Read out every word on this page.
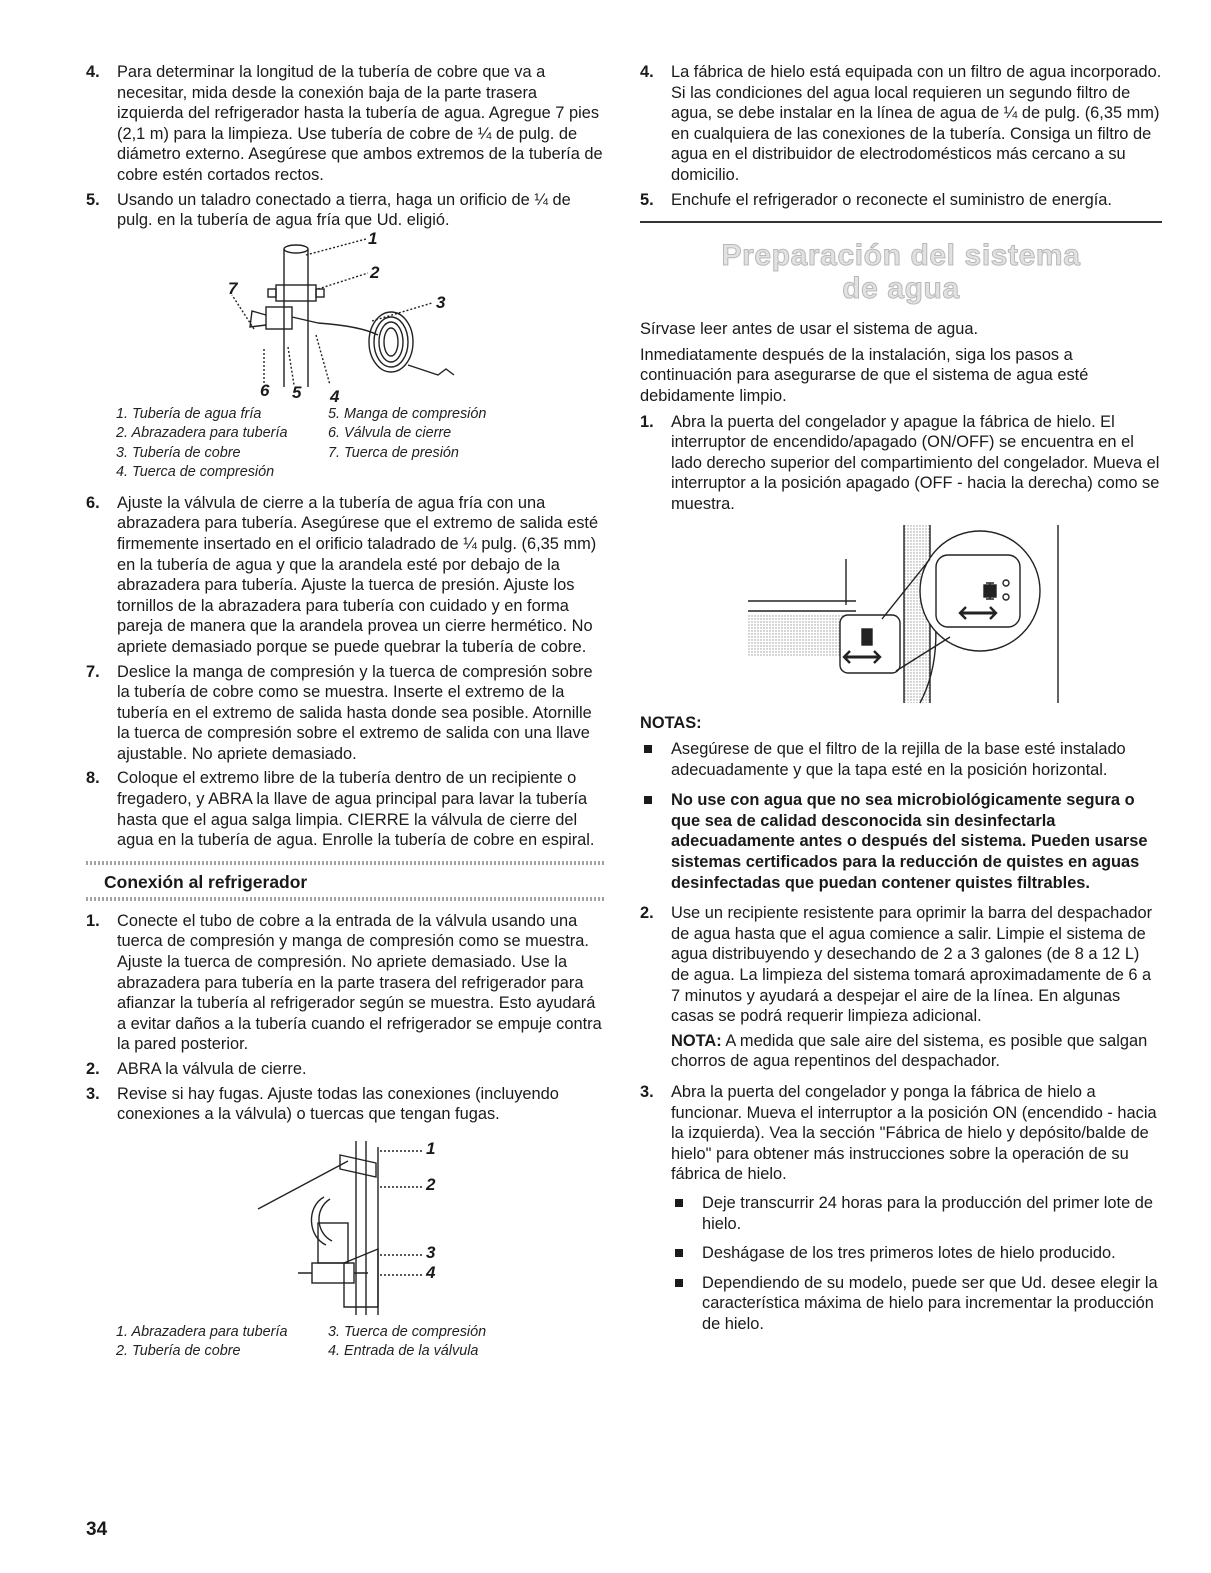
4. Para determinar la longitud de la tubería de cobre que va a necesitar, mida desde la conexión baja de la parte trasera izquierda del refrigerador hasta la tubería de agua. Agregue 7 pies (2,1 m) para la limpieza. Use tubería de cobre de ¼ de pulg. de diámetro externo. Asegúrese que ambos extremos de la tubería de cobre estén cortados rectos.
5. Usando un taladro conectado a tierra, haga un orificio de ¼ de pulg. en la tubería de agua fría que Ud. eligió.
1
2
3
4
5
6
7
1. Tubería de agua fría	5. Manga de compresión
2. Abrazadera para tubería	6. Válvula de cierre
3. Tubería de cobre	7. Tuerca de presión
4. Tuerca de compresión
6. Ajuste la válvula de cierre a la tubería de agua fría con una abrazadera para tubería. Asegúrese que el extremo de salida esté firmemente insertado en el orificio taladrado de ¼ pulg. (6,35 mm) en la tubería de agua y que la arandela esté por debajo de la abrazadera para tubería. Ajuste la tuerca de presión. Ajuste los tornillos de la abrazadera para tubería con cuidado y en forma pareja de manera que la arandela provea un cierre hermético. No apriete demasiado porque se puede quebrar la tubería de cobre.
7. Deslice la manga de compresión y la tuerca de compresión sobre la tubería de cobre como se muestra. Inserte el extremo de la tubería en el extremo de salida hasta donde sea posible. Atornille la tuerca de compresión sobre el extremo de salida con una llave ajustable. No apriete demasiado.
8. Coloque el extremo libre de la tubería dentro de un recipiente o fregadero, y ABRA la llave de agua principal para lavar la tubería hasta que el agua salga limpia. CIERRE la válvula de cierre del agua en la tubería de agua. Enrolle la tubería de cobre en espiral.
Conexión al refrigerador
1. Conecte el tubo de cobre a la entrada de la válvula usando una tuerca de compresión y manga de compresión como se muestra. Ajuste la tuerca de compresión. No apriete demasiado. Use la abrazadera para tubería en la parte trasera del refrigerador para afianzar la tubería al refrigerador según se muestra. Esto ayudará a evitar daños a la tubería cuando el refrigerador se empuje contra la pared posterior.
2. ABRA la válvula de cierre.
3. Revise si hay fugas. Ajuste todas las conexiones (incluyendo conexiones a la válvula) o tuercas que tengan fugas.
1
2
3
4
1. Abrazadera para tubería	3. Tuerca de compresión
2. Tubería de cobre	4. Entrada de la válvula
4. La fábrica de hielo está equipada con un filtro de agua incorporado. Si las condiciones del agua local requieren un segundo filtro de agua, se debe instalar en la línea de agua de ¼ de pulg. (6,35 mm) en cualquiera de las conexiones de la tubería. Consiga un filtro de agua en el distribuidor de electrodomésticos más cercano a su domicilio.
5. Enchufe el refrigerador o reconecte el suministro de energía.
Preparación del sistema
de agua

Sírvase leer antes de usar el sistema de agua.

Inmediatamente después de la instalación, siga los pasos a continuación para asegurarse de que el sistema de agua esté debidamente limpio.

1. Abra la puerta del congelador y apague la fábrica de hielo. El interruptor de encendido/apagado (ON/OFF) se encuentra en el lado derecho superior del compartimiento del congelador. Mueva el interruptor a la posición apagado (OFF - hacia la derecha) como se muestra.
NOTAS:
Asegúrese de que el filtro de la rejilla de la base esté instalado adecuadamente y que la tapa esté en la posición horizontal.
No use con agua que no sea microbiológicamente segura o que sea de calidad desconocida sin desinfectarla adecuadamente antes o después del sistema. Pueden usarse sistemas certificados para la reducción de quistes en aguas desinfectadas que puedan contener quistes filtrables.
2. Use un recipiente resistente para oprimir la barra del despachador de agua hasta que el agua comience a salir. Limpie el sistema de agua distribuyendo y desechando de 2 a 3 galones (de 8 a 12 L) de agua. La limpieza del sistema tomará aproximadamente de 6 a 7 minutos y ayudará a despejar el aire de la línea. En algunas casas se podrá requerir limpieza adicional.
NOTA: A medida que sale aire del sistema, es posible que salgan chorros de agua repentinos del despachador.
3. Abra la puerta del congelador y ponga la fábrica de hielo a funcionar. Mueva el interruptor a la posición ON (encendido - hacia la izquierda). Vea la sección "Fábrica de hielo y depósito/balde de hielo" para obtener más instrucciones sobre la operación de su fábrica de hielo.
Deje transcurrir 24 horas para la producción del primer lote de hielo.
Deshágase de los tres primeros lotes de hielo producido.
Dependiendo de su modelo, puede ser que Ud. desee elegir la característica máxima de hielo para incrementar la producción de hielo.
34
